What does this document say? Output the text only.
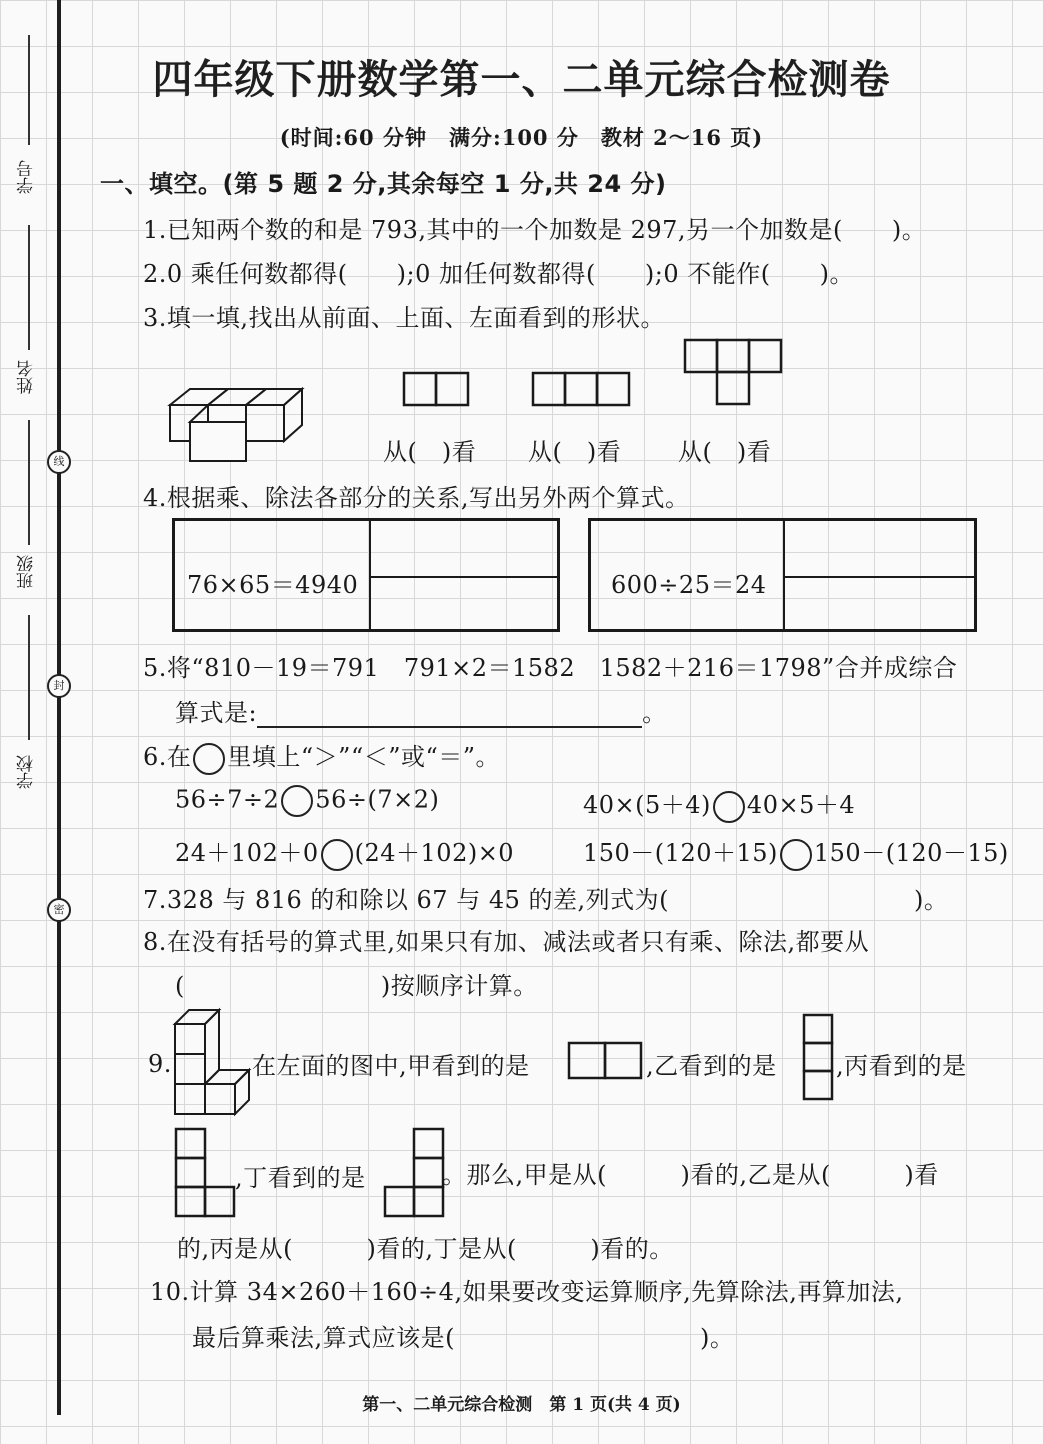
学号
姓名
班级
学校
线
封
密
四年级下册数学第一、二单元综合检测卷
(时间:60 分钟　满分:100 分　教材 2～16 页)
一、填空。(第 5 题 2 分,其余每空 1 分,共 24 分)
1.已知两个数的和是 793,其中的一个加数是 297,另一个加数是(　　)。
2.0 乘任何数都得(　　);0 加任何数都得(　　);0 不能作(　　)。
3.填一填,找出从前面、上面、左面看到的形状。
从(　)看 从(　)看 从(　)看
4.根据乘、除法各部分的关系,写出另外两个算式。
76×65＝4940	600÷25＝24
5.将“810－19＝791　791×2＝1582　1582＋216＝1798”合并成综合
算式是:	。
6.在 里填上“＞”“＜”或“＝”。
56÷7÷2 56÷(7×2)	40×(5＋4) 40×5＋4
24＋102＋0 (24＋102)×0	150－(120＋15) 150－(120－15)
7.328 与 816 的和除以 67 与 45 的差,列式为(　　　　　　　　　　)。
8.在没有括号的算式里,如果只有加、减法或者只有乘、除法,都要从
(　　　　　　　　)按顺序计算。
9.	在左面的图中,甲看到的是	,乙看到的是 ,丙看到的是
,丁看到的是	。那么,甲是从(　　　)看的,乙是从(　　　)看
的,丙是从(　　　)看的,丁是从(　　　)看的。
10.计算 34×260＋160÷4,如果要改变运算顺序,先算除法,再算加法,
最后算乘法,算式应该是(　　　　　　　　　　)。
第一、二单元综合检测　第 1 页(共 4 页)
